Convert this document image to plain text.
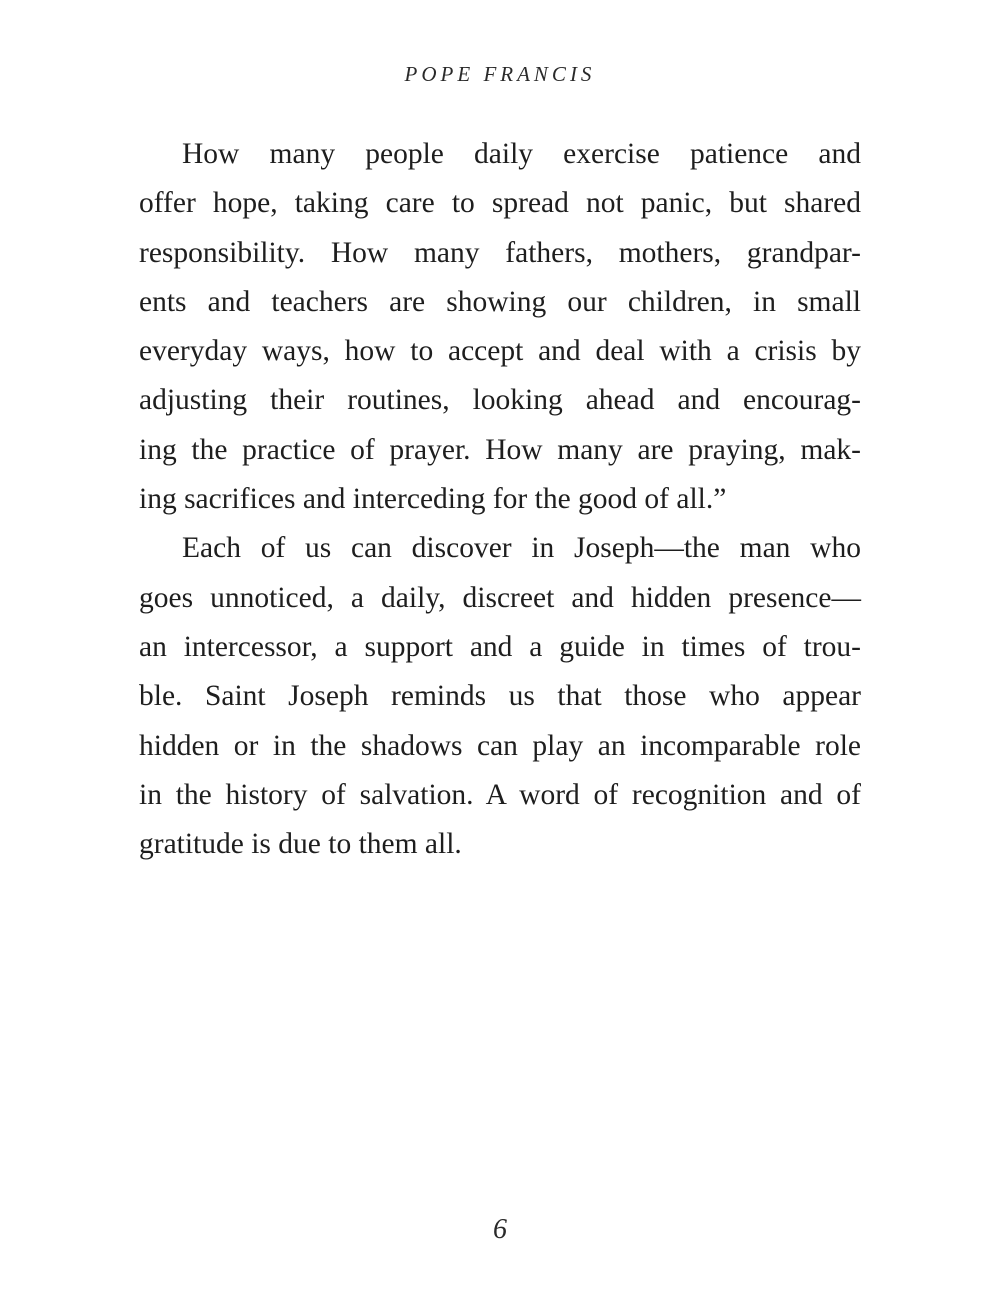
POPE FRANCIS
How many people daily exercise patience and
offer hope, taking care to spread not panic, but shared
responsibility. How many fathers, mothers, grandpar-
ents and teachers are showing our children, in small
everyday ways, how to accept and deal with a crisis by
adjusting their routines, looking ahead and encourag-
ing the practice of prayer. How many are praying, mak-
ing sacrifices and interceding for the good of all.”
Each of us can discover in Joseph—the man who
goes unnoticed, a daily, discreet and hidden presence—
an intercessor, a support and a guide in times of trou-
ble. Saint Joseph reminds us that those who appear
hidden or in the shadows can play an incomparable role
in the history of salvation. A word of recognition and of
gratitude is due to them all.
6
